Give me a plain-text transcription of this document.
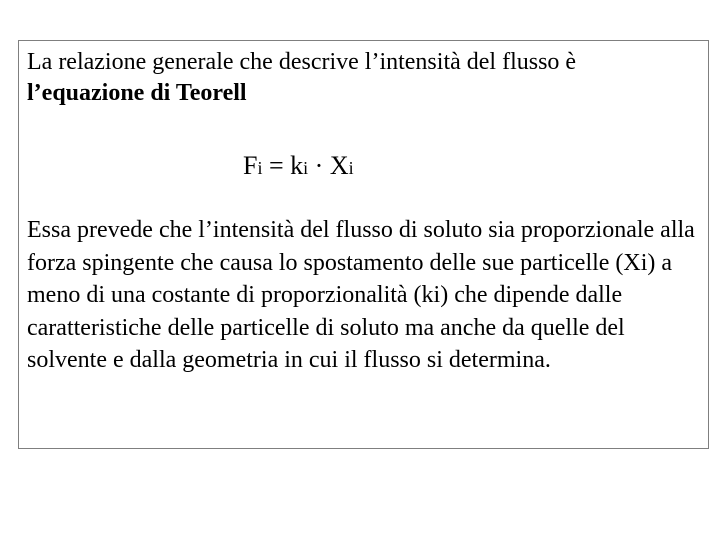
La relazione generale che descrive l’intensità del flusso è
l’equazione di Teorell

Fi = ki · Xi

Essa prevede che l’intensità del flusso di soluto sia proporzionale alla forza spingente che causa lo spostamento delle sue particelle (Xi) a meno di una costante di proporzionalità (ki) che dipende dalle caratteristiche delle particelle di soluto ma anche da quelle del solvente e dalla geometria in cui il flusso si determina.
